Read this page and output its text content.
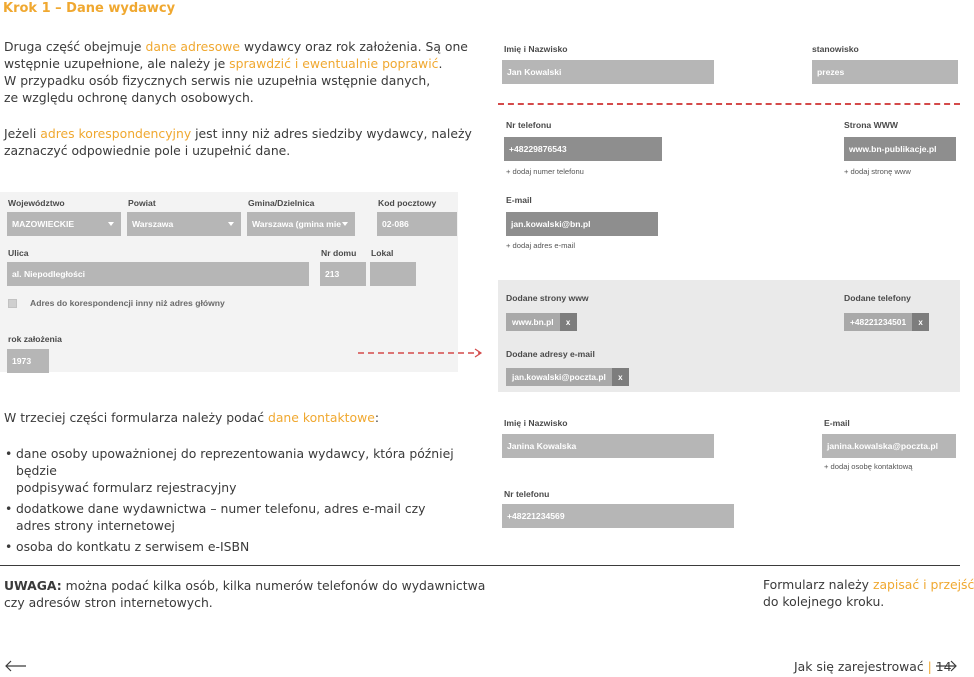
Krok 1 – Dane wydawcy
Druga część obejmuje dane adresowe wydawcy oraz rok założenia. Są one
wstępnie uzupełnione, ale należy je sprawdzić i ewentualnie poprawić.
W przypadku osób fizycznych serwis nie uzupełnia wstępnie danych,
ze względu ochronę danych osobowych.
Jeżeli adres korespondencyjny jest inny niż adres siedziby wydawcy, należy
zaznaczyć odpowiednie pole i uzupełnić dane.
Imię i Nazwisko
Jan Kowalski
stanowisko
prezes
Nr telefonu
+48229876543
+ dodaj numer telefonu
Strona WWW
www.bn-publikacje.pl
+ dodaj stronę www
Województwo
MAZOWIECKIE
Powiat
Warszawa
Gmina/Dzielnica
Warszawa (gmina mie
Kod pocztowy
02-086
Ulica
al. Niepodległości
Nr domu
213
Lokal
Adres do korespondencji inny niż adres główny
rok założenia
1973
E-mail
jan.kowalski@bn.pl
+ dodaj adres e-mail
Dodane strony www
www.bn.pl	x
Dodane telefony
+48221234501	x
Dodane adresy e-mail
jan.kowalski@poczta.pl	x
W trzeciej części formularza należy podać dane kontaktowe:
• dane osoby upoważnionej do reprezentowania wydawcy, która później będzie
podpisywać formularz rejestracyjny
• dodatkowe dane wydawnictwa – numer telefonu, adres e-mail czy
adres strony internetowej
• osoba do kontkatu z serwisem e-ISBN
Imię i Nazwisko
Janina Kowalska
E-mail
janina.kowalska@poczta.pl
+ dodaj osobę kontaktową
Nr telefonu
+48221234569
UWAGA: można podać kilka osób, kilka numerów telefonów do wydawnictwa
czy adresów stron internetowych.
Formularz należy zapisać i przejść
do kolejnego kroku.
Jak się zarejestrować | 14
